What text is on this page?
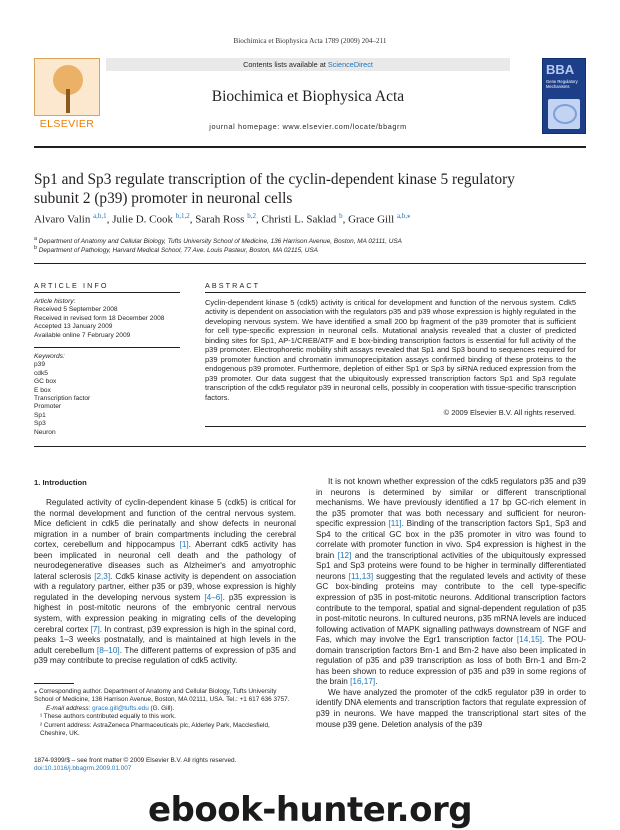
Biochimica et Biophysica Acta 1789 (2009) 204–211
ELSEVIER
Contents lists available at ScienceDirect
Biochimica et Biophysica Acta
journal homepage: www.elsevier.com/locate/bbagrm
BBA
Gene Regulatory Mechanisms
Sp1 and Sp3 regulate transcription of the cyclin-dependent kinase 5 regulatory
subunit 2 (p39) promoter in neuronal cells
Alvaro Valin $^{a,b,1}$, Julie D. Cook $^{b,1,2}$, Sarah Ross $^{b,2}$, Christi L. Saklad $^b$, Grace Gill $^{a,b,⁎}$
$^a$ Department of Anatomy and Cellular Biology, Tufts University School of Medicine, 136 Harrison Avenue, Boston, MA 02111, USA
$^b$ Department of Pathology, Harvard Medical School, 77 Ave. Louis Pasteur, Boston, MA 02115, USA
ARTICLE INFO	ABSTRACT
Article history:
Received 5 September 2008
Received in revised form 18 December 2008
Accepted 13 January 2009
Available online 7 February 2009
Keywords:
p39
cdk5
GC box
E box
Transcription factor
Promoter
Sp1
Sp3
Neuron
Cyclin-dependent kinase 5 (cdk5) activity is critical for development and function of the nervous system. Cdk5 activity is dependent on association with the regulators p35 and p39 whose expression is highly regulated in the developing nervous system. We have identified a small 200 bp fragment of the p39 promoter that is sufficient for cell type-specific expression in neuronal cells. Mutational analysis revealed that a cluster of predicted binding sites for Sp1, AP-1/CREB/ATF and E box-binding transcription factors is essential for full activity of the p39 promoter. Electrophoretic mobility shift assays revealed that Sp1 and Sp3 bound to sequences required for p39 promoter function and chromatin immunoprecipitation assays confirmed binding of these proteins to the endogenous p39 promoter. Furthermore, depletion of either Sp1 or Sp3 by siRNA reduced expression from the p39 promoter. Our data suggest that the ubiquitously expressed transcription factors Sp1 and Sp3 regulate transcription of the cdk5 regulator p39 in neuronal cells, possibly in cooperation with tissue-specific transcription factors.
© 2009 Elsevier B.V. All rights reserved.
1. Introduction
Regulated activity of cyclin-dependent kinase 5 (cdk5) is critical for the normal development and function of the central nervous system. Mice deficient in cdk5 die perinatally and show defects in neuronal migration in a number of brain compartments including the cerebral cortex, cerebellum and hippocampus [1]. Aberrant cdk5 activity has been implicated in neuronal cell death and the pathology of neurodegenerative diseases such as Alzheimer's and amyotrophic lateral sclerosis [2,3]. Cdk5 kinase activity is dependent on association with a regulatory partner, either p35 or p39, whose expression is highly regulated in the developing nervous system [4–6]. p35 expression is highest in post-mitotic neurons of the embryonic central nervous system, with expression peaking in migrating cells of the developing cerebral cortex [7]. In contrast, p39 expression is high in the spinal cord, peaks 1–3 weeks postnatally, and is maintained at high levels in the adult cerebellum [8–10]. The different patterns of expression of p35 and p39 may contribute to precise regulation of cdk5 activity.
It is not known whether expression of the cdk5 regulators p35 and p39 in neurons is determined by similar or different transcriptional mechanisms. We have previously identified a 17 bp GC-rich element in the p35 promoter that was both necessary and sufficient for neuron-specific expression [11]. Binding of the transcription factors Sp1, Sp3 and Sp4 to the critical GC box in the p35 promoter in vitro was found to correlate with promoter function in vivo. Sp4 expression is highest in the brain [12] and the transcriptional activities of the ubiquitously expressed Sp1 and Sp3 proteins were found to be higher in terminally differentiated neurons [11,13] suggesting that the regulated levels and activity of these GC box-binding proteins may contribute to the cell type-specific expression of p35 in post-mitotic neurons. Additional transcription factors contribute to the temporal, spatial and signal-dependent regulation of p35 in post-mitotic neurons. In cultured neurons, p35 mRNA levels are induced following activation of MAPK signalling pathways downstream of NGF and Fas, which may involve the Egr1 transcription factor [14,15]. The POU-domain transcription factors Brn-1 and Brn-2 have also been implicated in regulation of p35 and p39 transcription as loss of both Brn-1 and Brn-2 has been shown to reduce expression of p35 and p39 in some regions of the brain [16,17].
We have analyzed the promoter of the cdk5 regulator p39 in order to identify DNA elements and transcription factors that regulate expression of p39 in neurons. We have mapped the transcriptional start sites of the mouse p39 gene. Deletion analysis of the p39
⁎ Corresponding author. Department of Anatomy and Cellular Biology, Tufts University School of Medicine, 136 Harrison Avenue, Boston, MA 02111, USA. Tel.: +1 617 636 3757.
E-mail address: grace.gill@tufts.edu (G. Gill).
¹ These authors contributed equally to this work.
² Current address: AstraZeneca Pharmaceuticals plc, Alderley Park, Macclesfield, Cheshire, UK.
1874-9399/$ – see front matter © 2009 Elsevier B.V. All rights reserved.
doi:10.1016/j.bbagrm.2009.01.007
ebook-hunter.org
